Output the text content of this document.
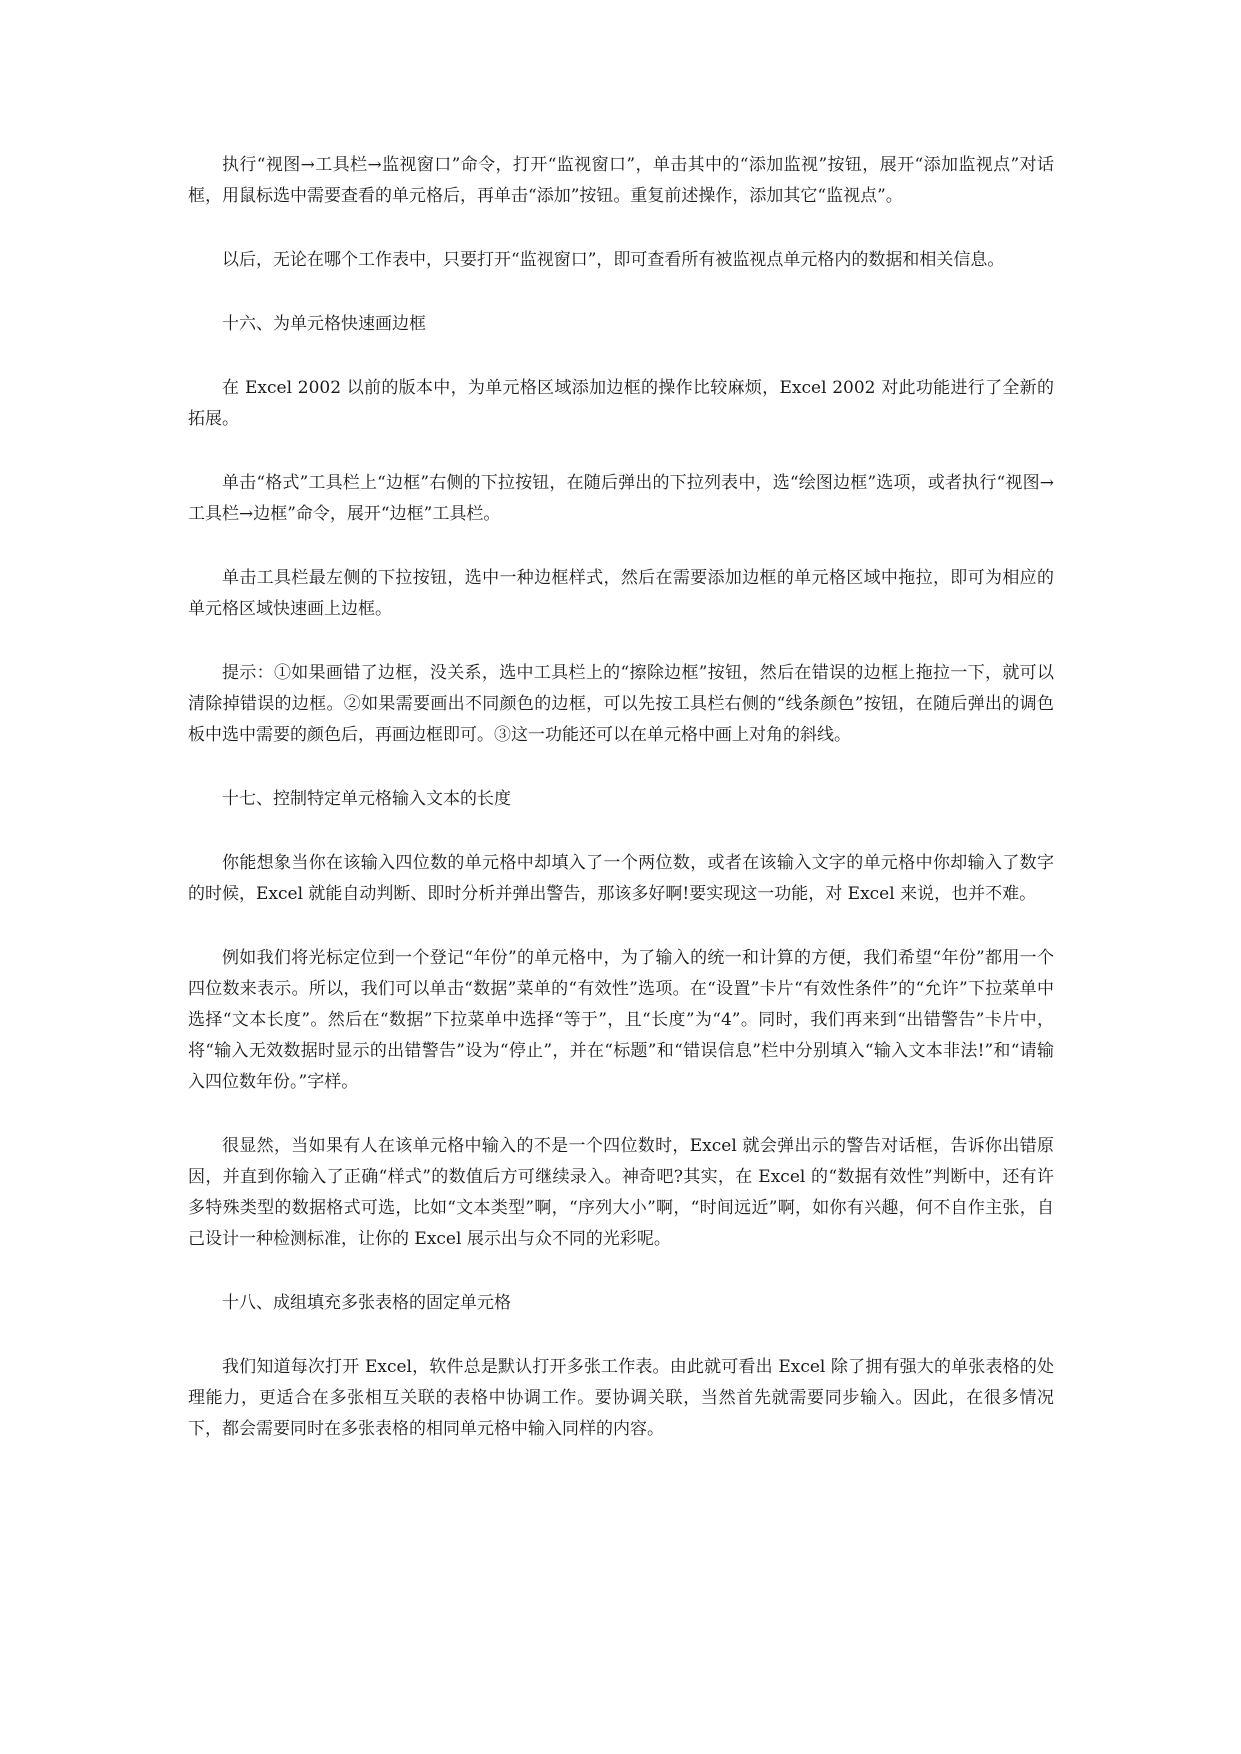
执行“视图→工具栏→监视窗口”命令，打开“监视窗口”，单击其中的“添加监视”按钮，展开“添加监视点”对话框，用鼠标选中需要查看的单元格后，再单击“添加”按钮。重复前述操作，添加其它“监视点”。

以后，无论在哪个工作表中，只要打开“监视窗口”，即可查看所有被监视点单元格内的数据和相关信息。

十六、为单元格快速画边框

在 Excel 2002 以前的版本中，为单元格区域添加边框的操作比较麻烦，Excel 2002 对此功能进行了全新的拓展。

单击“格式”工具栏上“边框”右侧的下拉按钮，在随后弹出的下拉列表中，选“绘图边框”选项，或者执行“视图→工具栏→边框”命令，展开“边框”工具栏。

单击工具栏最左侧的下拉按钮，选中一种边框样式，然后在需要添加边框的单元格区域中拖拉，即可为相应的单元格区域快速画上边框。

提示：①如果画错了边框，没关系，选中工具栏上的“擦除边框”按钮，然后在错误的边框上拖拉一下，就可以清除掉错误的边框。②如果需要画出不同颜色的边框，可以先按工具栏右侧的“线条颜色”按钮，在随后弹出的调色板中选中需要的颜色后，再画边框即可。③这一功能还可以在单元格中画上对角的斜线。

十七、控制特定单元格输入文本的长度

你能想象当你在该输入四位数的单元格中却填入了一个两位数，或者在该输入文字的单元格中你却输入了数字的时候，Excel 就能自动判断、即时分析并弹出警告，那该多好啊!要实现这一功能，对 Excel 来说，也并不难。

例如我们将光标定位到一个登记“年份”的单元格中，为了输入的统一和计算的方便，我们希望“年份”都用一个四位数来表示。所以，我们可以单击“数据”菜单的“有效性”选项。在“设置”卡片“有效性条件”的“允许”下拉菜单中选择“文本长度”。然后在“数据”下拉菜单中选择“等于”，且“长度”为“4”。同时，我们再来到“出错警告”卡片中，将“输入无效数据时显示的出错警告”设为“停止”，并在“标题”和“错误信息”栏中分别填入“输入文本非法!”和“请输入四位数年份。”字样。

很显然，当如果有人在该单元格中输入的不是一个四位数时，Excel 就会弹出示的警告对话框，告诉你出错原因，并直到你输入了正确“样式”的数值后方可继续录入。神奇吧?其实，在 Excel 的“数据有效性”判断中，还有许多特殊类型的数据格式可选，比如“文本类型”啊，“序列大小”啊，“时间远近”啊，如你有兴趣，何不自作主张，自己设计一种检测标准，让你的 Excel 展示出与众不同的光彩呢。

十八、成组填充多张表格的固定单元格

我们知道每次打开 Excel，软件总是默认打开多张工作表。由此就可看出 Excel 除了拥有强大的单张表格的处理能力，更适合在多张相互关联的表格中协调工作。要协调关联，当然首先就需要同步输入。因此，在很多情况下，都会需要同时在多张表格的相同单元格中输入同样的内容。
